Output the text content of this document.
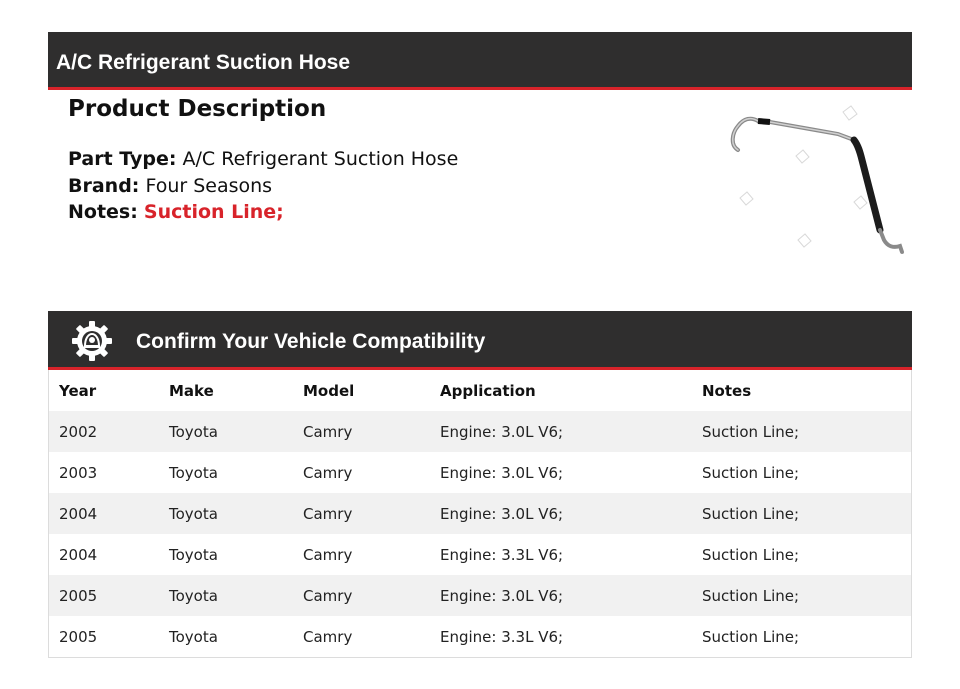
A/C Refrigerant Suction Hose
Product Description
Part Type: A/C Refrigerant Suction Hose
Brand: Four Seasons
Notes: Suction Line;
Confirm Your Vehicle Compatibility
Year	Make	Model	Application	Notes
2002	Toyota	Camry	Engine: 3.0L V6;	Suction Line;
2003	Toyota	Camry	Engine: 3.0L V6;	Suction Line;
2004	Toyota	Camry	Engine: 3.0L V6;	Suction Line;
2004	Toyota	Camry	Engine: 3.3L V6;	Suction Line;
2005	Toyota	Camry	Engine: 3.0L V6;	Suction Line;
2005	Toyota	Camry	Engine: 3.3L V6;	Suction Line;
